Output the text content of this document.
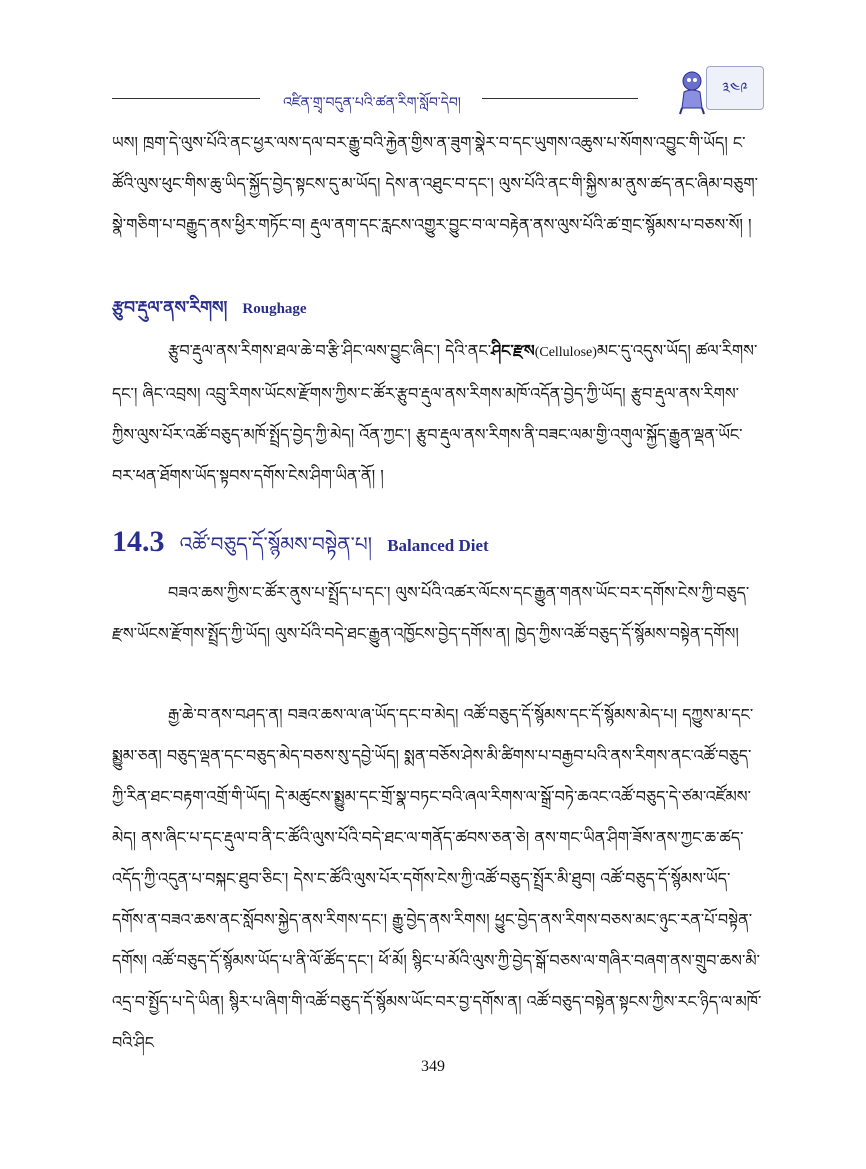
འཛིན་གྲྭ་བདུན་པའི་ཚན་རིག་སློབ་དེབ།
༣༤༩
ཡས། ཁྲག་དེ་ལུས་པོའི་ནང་ཕྱར་ལས་དལ་བར་རྒྱུ་བའི་རྐྱེན་གྱིས་ན་ཟུག་སྣེར་བ་དང་ཡུགས་འཆུས་པ་སོགས་འབྱུང་གི་ཡོད། ང་ཚོའི་ལུས་ཕུང་གིས་ཆུ་ཡིད་སྐྱོད་བྱེད་སྟངས་དུ་མ་ཡོད། དེས་ན་འཐུང་བ་དང་། ལུས་པོའི་ནང་གི་སྐྱིས་མ་ནུས་ཚད་ནང་ཞིམ་བཅུག་སྣེ་གཅིག་པ་བརྒྱུད་ནས་ཕྱིར་གཏོང་བ། རྡུལ་ནག་དང་རླངས་འགྱུར་བྱུང་བ་ལ་བརྟེན་ནས་ལུས་པོའི་ཚ་གྲང་སྙོམས་པ་བཅས་སོ། །
རྩུབ་རྡུལ་ནས་རིགས། Roughage
རྩུབ་རྡུལ་ནས་རིགས་ཐལ་ཆེ་བ་རྩི་ཤིང་ལས་བྱུང་ཞིང་། དེའི་ནང་ཤིང་རྫས(Cellulose)མང་དུ་འདུས་ཡོད། ཚལ་རིགས་དང་། ཞིང་འབྲས། འབྲུ་རིགས་ཡོངས་རྫོགས་ཀྱིས་ང་ཚོར་རྩུབ་རྡུལ་ནས་རིགས་མཁོ་འདོན་བྱེད་ཀྱི་ཡོད། རྩུབ་རྡུལ་ནས་རིགས་ཀྱིས་ལུས་པོར་འཚོ་བཅུད་མཁོ་སྤྲོད་བྱེད་ཀྱི་མེད། འོན་ཀྱང་། རྩུབ་རྡུལ་ནས་རིགས་ནི་བཟང་ལམ་གྱི་འགུལ་སྐྱོད་རྒྱུན་ལྡན་ཡོང་བར་ཕན་ཐོགས་ཡོད་སྟབས་དགོས་ངེས་ཤིག་ཡིན་ནོ། །
14.3 འཚོ་བཅུད་དོ་སྙོམས་བསྟེན་པ། Balanced Diet
བཟའ་ཆས་ཀྱིས་ང་ཚོར་ནུས་པ་སྤྲོད་པ་དང་། ལུས་པོའི་འཚར་ལོངས་དང་རྒྱུན་གནས་ཡོང་བར་དགོས་ངེས་ཀྱི་བཅུད་རྫས་ཡོངས་རྫོགས་སྤྲོད་ཀྱི་ཡོད། ལུས་པོའི་བདེ་ཐང་རྒྱུན་འཁྱོངས་བྱེད་དགོས་ན། ཁྱེད་ཀྱིས་འཚོ་བཅུད་དོ་སྙོམས་བསྟེན་དགོས།
རྒྱ་ཆེ་བ་ནས་བཤད་ན། བཟའ་ཆས་ལ་ཞ་ཡོད་དང་བ་མེད། འཚོ་བཅུད་དོ་སྙོམས་དང་དོ་སྙོམས་མེད་པ། དཀྱུས་མ་དང་སྨྱུམ་ཅན། བཅུད་ལྡན་དང་བཅུད་མེད་བཅས་སུ་དབྱེ་ཡོད། སྨན་བཅོས་ཤེས་མི་ཚིགས་པ་བརྒྱབ་པའི་ནས་རིགས་ནང་འཚོ་བཅུད་ཀྱི་རིན་ཐང་བརྟག་འགྲོ་གི་ཡོད། དེ་མཚུངས་སྨྱུམ་དང་གྲོ་སྣ་བཏང་བའི་ཞལ་རིགས་ལ་སྒྲོ་བཏེ་ཆའང་འཚོ་བཅུད་དེ་ཙམ་འཛོམས་མེད། ནས་ཞིང་པ་དང་རྡུལ་བ་ནི་ང་ཚོའི་ལུས་པོའི་བདེ་ཐང་ལ་གནོད་ཚབས་ཅན་ཅེ། ནས་གང་ཡིན་ཤིག་ཟོས་ནས་ཀྱང་ཆ་ཚད་འདོད་ཀྱི་འདུན་པ་བསྐང་ཐུབ་ཅིང་། དེས་ང་ཚོའི་ལུས་པོར་དགོས་ངེས་ཀྱི་འཚོ་བཅུད་སྤྲོར་མི་ཐུབ། འཚོ་བཅུད་དོ་སྙོམས་ཡོད་དགོས་ན་བཟའ་ཆས་ནང་སློབས་སྐྱེད་ནས་རིགས་དང་། རྒྱུ་བྱེད་ནས་རིགས། ཕྱུང་བྱེད་ནས་རིགས་བཅས་མང་ཉུང་རན་པོ་བསྟེན་དགོས། འཚོ་བཅུད་དོ་སྙོམས་ཡོད་པ་ནི་ལོ་ཚོད་དང་། ཕོ་མོ། སྙིང་པ་མོའི་ལུས་ཀྱི་བྱེད་སྒོ་བཅས་ལ་གཞིར་བཞག་ནས་གྲུབ་ཆས་མི་འདྲ་བ་སྤྱོད་པ་དེ་ཡིན། སྙིར་པ་ཞིག་གི་འཚོ་བཅུད་དོ་སྙོམས་ཡོང་བར་བྱ་དགོས་ན། འཚོ་བཅུད་བསྟེན་སྟངས་ཀྱིས་རང་ཉིད་ལ་མཁོ་བའི་ཤིང
349
